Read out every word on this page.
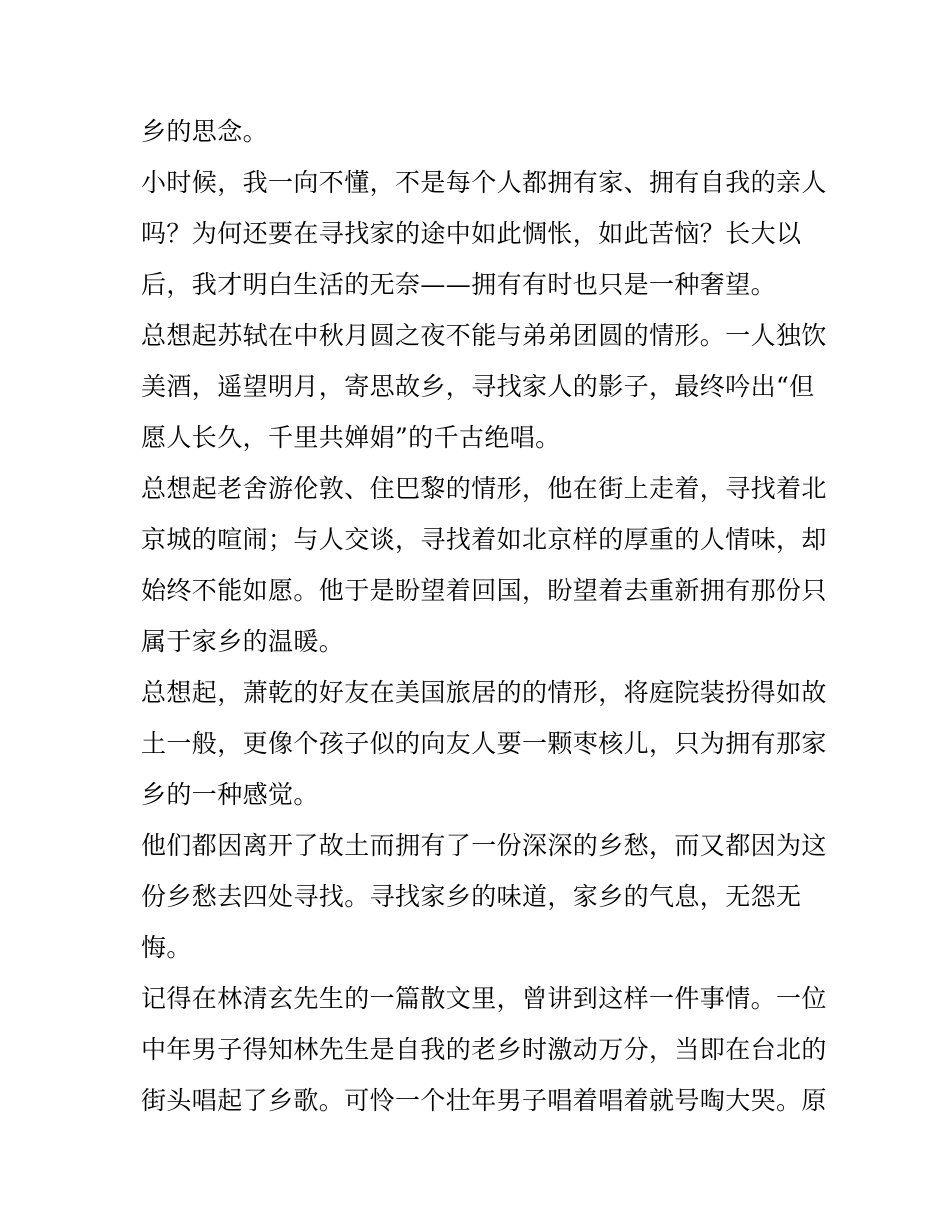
乡的思念。
小时候，我一向不懂，不是每个人都拥有家、拥有自我的亲人
吗？为何还要在寻找家的途中如此惆怅，如此苦恼？长大以
后，我才明白生活的无奈——拥有有时也只是一种奢望。
总想起苏轼在中秋月圆之夜不能与弟弟团圆的情形。一人独饮
美酒，遥望明月，寄思故乡，寻找家人的影子，最终吟出“但
愿人长久，千里共婵娟”的千古绝唱。
总想起老舍游伦敦、住巴黎的情形，他在街上走着，寻找着北
京城的喧闹；与人交谈，寻找着如北京样的厚重的人情味，却
始终不能如愿。他于是盼望着回国，盼望着去重新拥有那份只
属于家乡的温暖。
总想起，萧乾的好友在美国旅居的的情形，将庭院装扮得如故
土一般，更像个孩子似的向友人要一颗枣核儿，只为拥有那家
乡的一种感觉。
他们都因离开了故土而拥有了一份深深的乡愁，而又都因为这
份乡愁去四处寻找。寻找家乡的味道，家乡的气息，无怨无
悔。
记得在林清玄先生的一篇散文里，曾讲到这样一件事情。一位
中年男子得知林先生是自我的老乡时激动万分，当即在台北的
街头唱起了乡歌。可怜一个壮年男子唱着唱着就号啕大哭。原
